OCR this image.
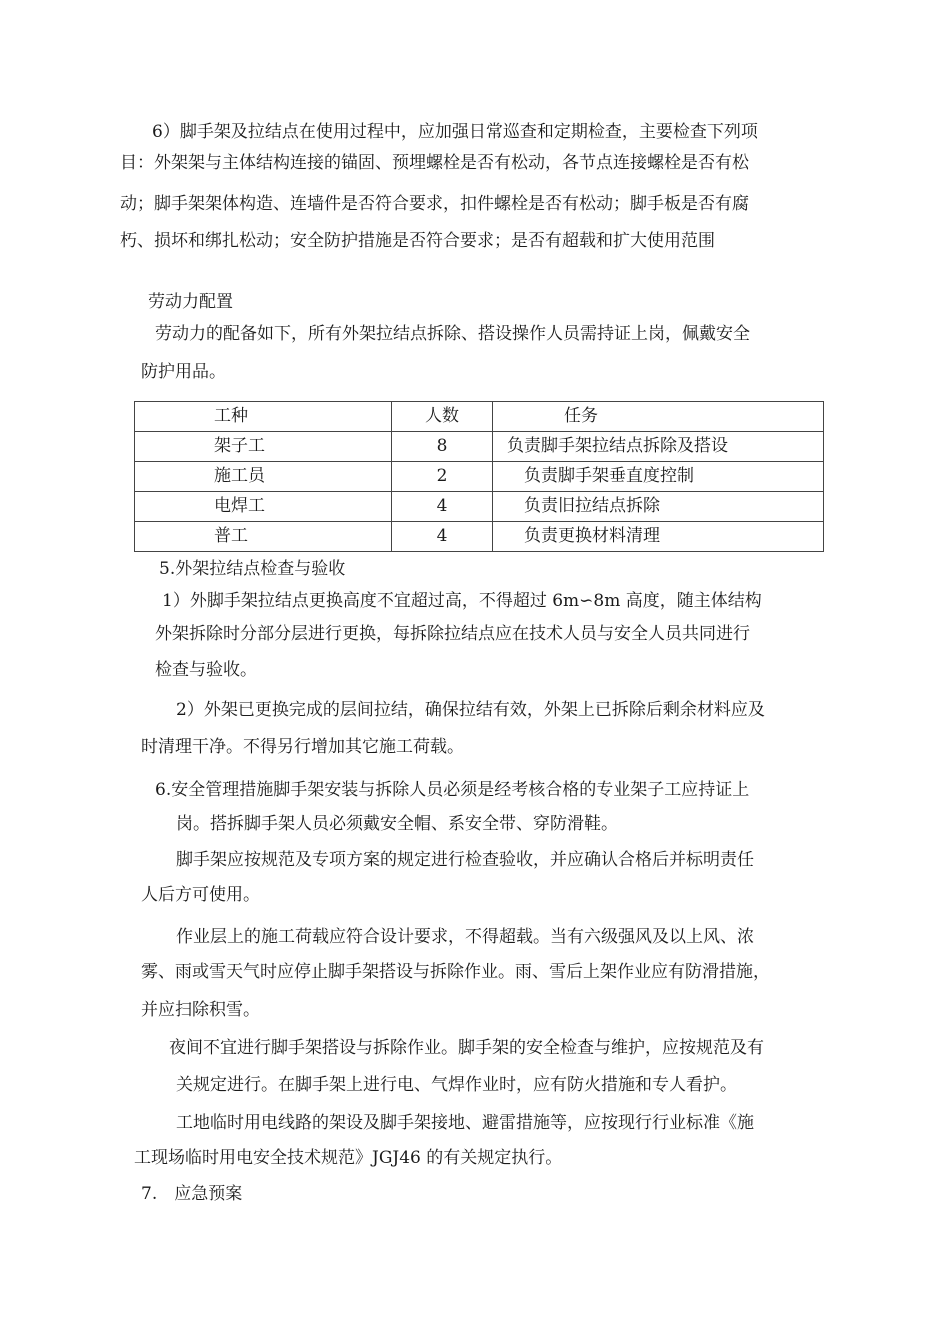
6）脚手架及拉结点在使用过程中，应加强日常巡查和定期检查，主要检查下列项
目：外架架与主体结构连接的锚固、预埋螺栓是否有松动，各节点连接螺栓是否有松
动；脚手架架体构造、连墙件是否符合要求，扣件螺栓是否有松动；脚手板是否有腐
朽、损坏和绑扎松动；安全防护措施是否符合要求；是否有超载和扩大使用范围
劳动力配置
劳动力的配备如下，所有外架拉结点拆除、搭设操作人员需持证上岗，佩戴安全
防护用品。
工种	人数	任务
架子工	8	负责脚手架拉结点拆除及搭设
施工员	2	负责脚手架垂直度控制
电焊工	4	负责旧拉结点拆除
普工	4	负责更换材料清理
5.外架拉结点检查与验收
1）外脚手架拉结点更换高度不宜超过高，不得超过 6m∽8m 高度，随主体结构
外架拆除时分部分层进行更换，每拆除拉结点应在技术人员与安全人员共同进行
检查与验收。
2）外架已更换完成的层间拉结，确保拉结有效，外架上已拆除后剩余材料应及
时清理干净。不得另行增加其它施工荷载。
6.安全管理措施脚手架安装与拆除人员必须是经考核合格的专业架子工应持证上
岗。搭拆脚手架人员必须戴安全帽、系安全带、穿防滑鞋。
脚手架应按规范及专项方案的规定进行检查验收，并应确认合格后并标明责任
人后方可使用。
作业层上的施工荷载应符合设计要求，不得超载。当有六级强风及以上风、浓
雾、雨或雪天气时应停止脚手架搭设与拆除作业。雨、雪后上架作业应有防滑措施，
并应扫除积雪。
夜间不宜进行脚手架搭设与拆除作业。脚手架的安全检查与维护，应按规范及有
关规定进行。在脚手架上进行电、气焊作业时，应有防火措施和专人看护。
工地临时用电线路的架设及脚手架接地、避雷措施等，应按现行行业标准《施
工现场临时用电安全技术规范》JGJ46 的有关规定执行。
7.　应急预案
